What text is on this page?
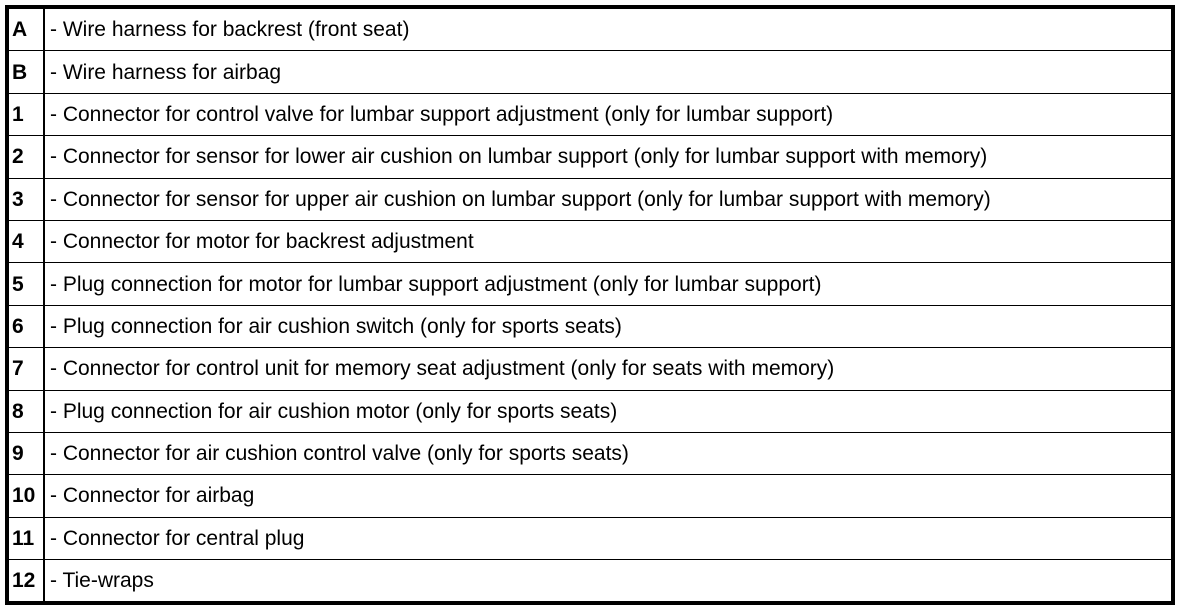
A	- Wire harness for backrest (front seat)
B	- Wire harness for airbag
1	- Connector for control valve for lumbar support adjustment (only for lumbar support)
2	- Connector for sensor for lower air cushion on lumbar support (only for lumbar support with memory)
3	- Connector for sensor for upper air cushion on lumbar support (only for lumbar support with memory)
4	- Connector for motor for backrest adjustment
5	- Plug connection for motor for lumbar support adjustment (only for lumbar support)
6	- Plug connection for air cushion switch (only for sports seats)
7	- Connector for control unit for memory seat adjustment (only for seats with memory)
8	- Plug connection for air cushion motor (only for sports seats)
9	- Connector for air cushion control valve (only for sports seats)
10	- Connector for airbag
11	- Connector for central plug
12	- Tie-wraps
